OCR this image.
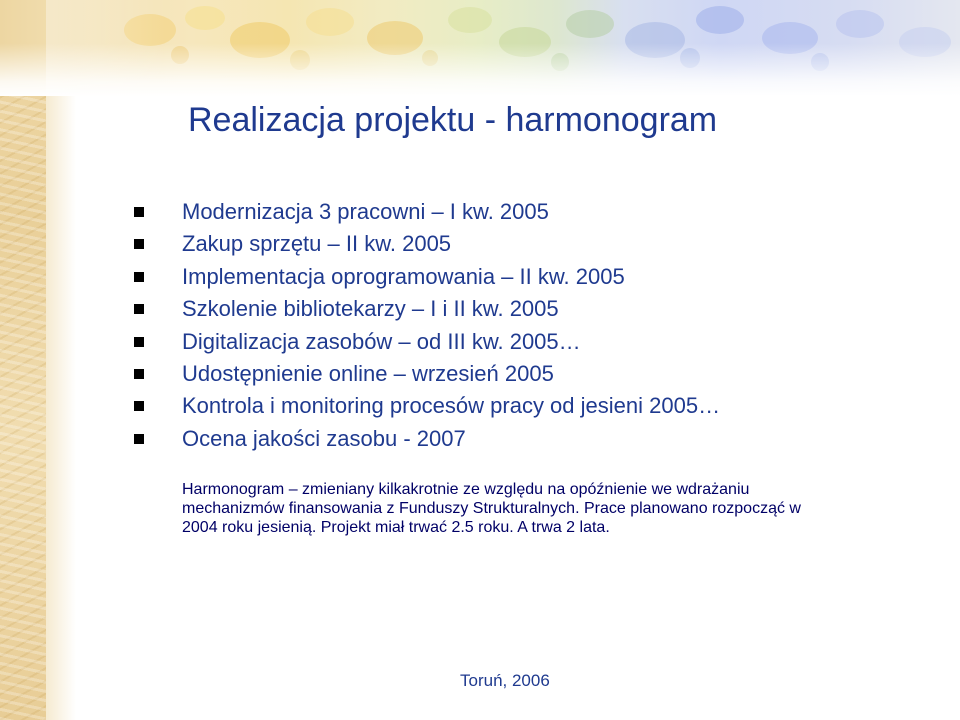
Realizacja projektu - harmonogram
Modernizacja 3 pracowni – I kw. 2005
Zakup sprzętu – II kw. 2005
Implementacja oprogramowania – II kw. 2005
Szkolenie bibliotekarzy – I i II kw. 2005
Digitalizacja zasobów – od III kw. 2005…
Udostępnienie online – wrzesień 2005
Kontrola i monitoring procesów pracy od jesieni 2005…
Ocena jakości zasobu - 2007

Harmonogram – zmieniany kilkakrotnie ze względu na opóźnienie we wdrażaniu mechanizmów finansowania z Funduszy Strukturalnych. Prace planowano rozpocząć w 2004 roku jesienią. Projekt miał trwać 2.5 roku. A trwa 2 lata.

Toruń, 2006
